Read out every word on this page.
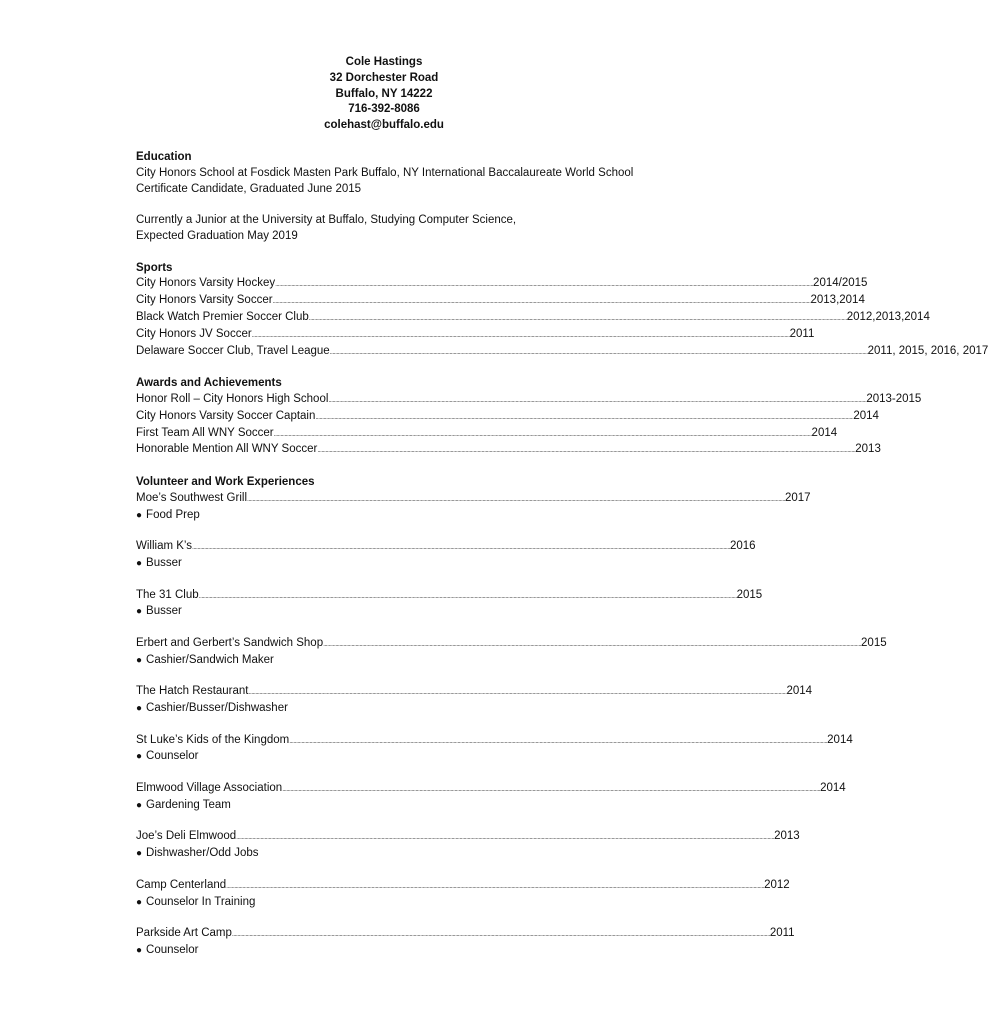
Cole Hastings
32 Dorchester Road
Buffalo, NY 14222
716-392-8086
colehast@buffalo.edu
Education
City Honors School at Fosdick Masten Park Buffalo, NY International Baccalaureate World School
Certificate Candidate, Graduated June 2015
Currently a Junior at the University at Buffalo, Studying Computer Science,
Expected Graduation May 2019
Sports
City Honors Varsity Hockey ................................................................................................................................................................................................................................................................................................................................................................................................................ 2014/2015
City Honors Varsity Soccer ................................................................................................................................................................................................................................................................................................................................................................................................................ 2013,2014
Black Watch Premier Soccer Club ................................................................................................................................................................................................................................................................................................................................................................................................................ 2012,2013,2014
City Honors JV Soccer ................................................................................................................................................................................................................................................................................................................................................................................................................ 2011
Delaware Soccer Club, Travel League ................................................................................................................................................................................................................................................................................................................................................................................................................ 2011, 2015, 2016, 2017
Awards and Achievements
Honor Roll – City Honors High School ................................................................................................................................................................................................................................................................................................................................................................................................................ 2013-2015
City Honors Varsity Soccer Captain ................................................................................................................................................................................................................................................................................................................................................................................................................ 2014
First Team All WNY Soccer ................................................................................................................................................................................................................................................................................................................................................................................................................ 2014
Honorable Mention All WNY Soccer ................................................................................................................................................................................................................................................................................................................................................................................................................ 2013
Volunteer and Work Experiences
Moe’s Southwest Grill ................................................................................................................................................................................................................................................................................................................................................................................................................ 2017
● Food Prep
William K’s ................................................................................................................................................................................................................................................................................................................................................................................................................ 2016
● Busser
The 31 Club ................................................................................................................................................................................................................................................................................................................................................................................................................ 2015
● Busser
Erbert and Gerbert’s Sandwich Shop ................................................................................................................................................................................................................................................................................................................................................................................................................ 2015
● Cashier/Sandwich Maker
The Hatch Restaurant ................................................................................................................................................................................................................................................................................................................................................................................................................ 2014
● Cashier/Busser/Dishwasher
St Luke’s Kids of the Kingdom ................................................................................................................................................................................................................................................................................................................................................................................................................ 2014
● Counselor
Elmwood Village Association ................................................................................................................................................................................................................................................................................................................................................................................................................ 2014
● Gardening Team
Joe’s Deli Elmwood ................................................................................................................................................................................................................................................................................................................................................................................................................ 2013
● Dishwasher/Odd Jobs
Camp Centerland ................................................................................................................................................................................................................................................................................................................................................................................................................ 2012
● Counselor In Training
Parkside Art Camp ................................................................................................................................................................................................................................................................................................................................................................................................................ 2011
● Counselor
